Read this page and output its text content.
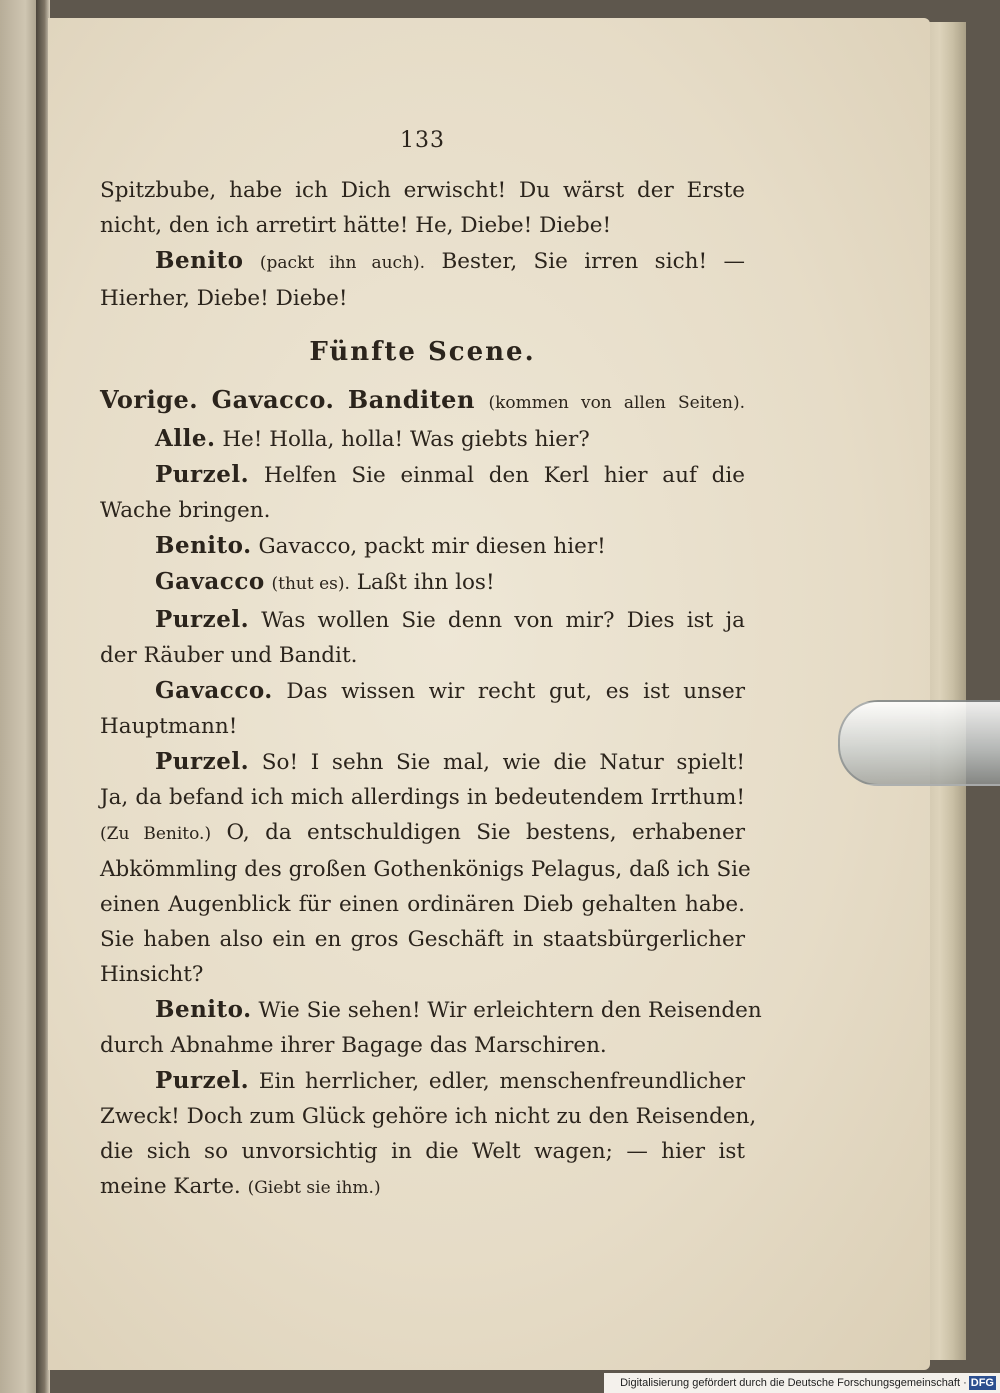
133
Spitzbube, habe ich Dich erwischt! Du wärst der Erste
nicht, den ich arretirt hätte! He, Diebe! Diebe!
Benito (packt ihn auch). Bester, Sie irren sich! —
Hierher, Diebe! Diebe!
Fünfte Scene.
Vorige. Gavacco. Banditen (kommen von allen Seiten).
Alle. He! Holla, holla! Was giebts hier?
Purzel. Helfen Sie einmal den Kerl hier auf die
Wache bringen.
Benito. Gavacco, packt mir diesen hier!
Gavacco (thut es). Laßt ihn los!
Purzel. Was wollen Sie denn von mir? Dies ist ja
der Räuber und Bandit.
Gavacco. Das wissen wir recht gut, es ist unser
Hauptmann!
Purzel. So! I sehn Sie mal, wie die Natur spielt!
Ja, da befand ich mich allerdings in bedeutendem Irrthum!
(Zu Benito.) O, da entschuldigen Sie bestens, erhabener
Abkömmling des großen Gothenkönigs Pelagus, daß ich Sie
einen Augenblick für einen ordinären Dieb gehalten habe.
Sie haben also ein en gros Geschäft in staatsbürgerlicher
Hinsicht?
Benito. Wie Sie sehen! Wir erleichtern den Reisenden
durch Abnahme ihrer Bagage das Marschiren.
Purzel. Ein herrlicher, edler, menschenfreundlicher
Zweck! Doch zum Glück gehöre ich nicht zu den Reisenden,
die sich so unvorsichtig in die Welt wagen; — hier ist
meine Karte. (Giebt sie ihm.)
Digitalisierung gefördert durch die Deutsche Forschungsgemeinschaft · DFG
